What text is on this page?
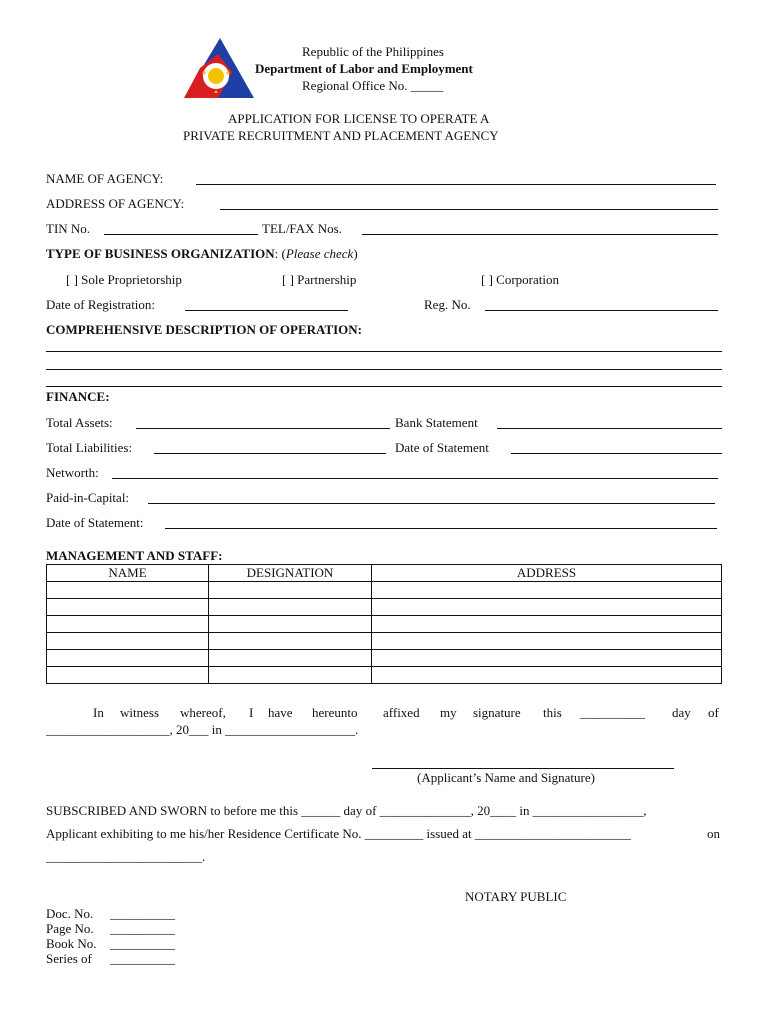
Republic of the Philippines
Department of Labor and Employment
Regional Office No. _____
APPLICATION FOR LICENSE TO OPERATE A
PRIVATE RECRUITMENT AND PLACEMENT AGENCY
NAME OF AGENCY:
ADDRESS OF AGENCY:
TIN No.	TEL/FAX Nos.
TYPE OF BUSINESS ORGANIZATION: (Please check)
[ ] Sole Proprietorship	[ ] Partnership	[ ] Corporation
Date of Registration:	Reg. No.
COMPREHENSIVE DESCRIPTION OF OPERATION:
FINANCE:
Total Assets:	Bank Statement
Total Liabilities:	Date of Statement
Networth:
Paid-in-Capital:
Date of Statement:
MANAGEMENT AND STAFF:
NAME	DESIGNATION	ADDRESS

In witness whereof, I have hereunto affixed my signature this __________ day of
___________________, 20___ in ____________________.
(Applicant’s Name and Signature)
SUBSCRIBED AND SWORN to before me this ______ day of ______________, 20____ in _________________,
Applicant exhibiting to me his/her Residence Certificate No. _________ issued at ________________________	on
________________________.
NOTARY PUBLIC
Doc. No. __________
Page No. __________
Book No. __________
Series of __________
